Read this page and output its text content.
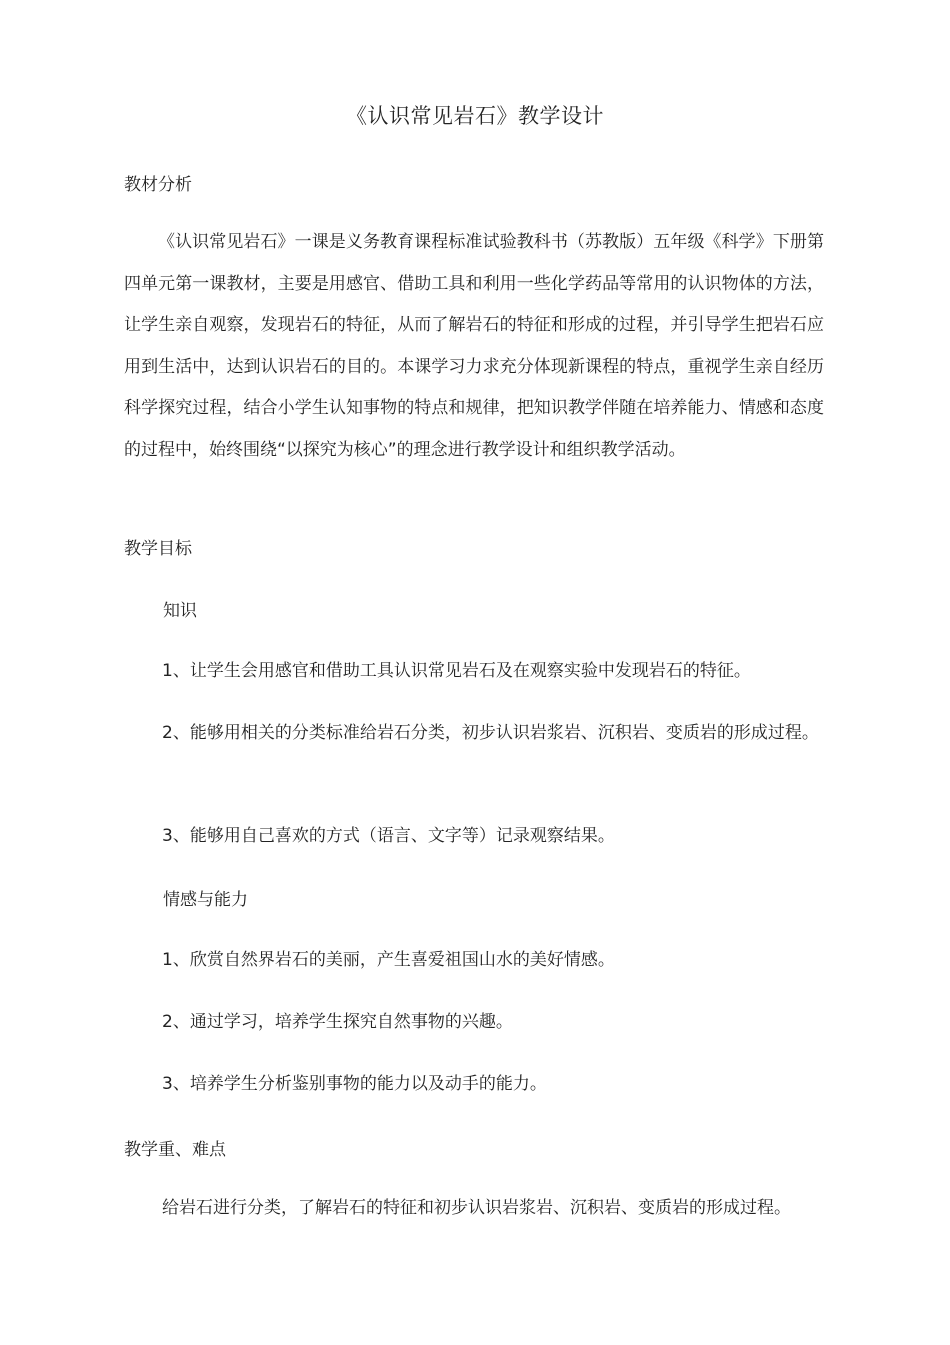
《认识常见岩石》教学设计
教材分析
《认识常见岩石》一课是义务教育课程标准试验教科书（苏教版）五年级《科学》下册第四单元第一课教材，主要是用感官、借助工具和利用一些化学药品等常用的认识物体的方法，让学生亲自观察，发现岩石的特征，从而了解岩石的特征和形成的过程，并引导学生把岩石应用到生活中，达到认识岩石的目的。本课学习力求充分体现新课程的特点，重视学生亲自经历科学探究过程，结合小学生认知事物的特点和规律，把知识教学伴随在培养能力、情感和态度的过程中，始终围绕“以探究为核心”的理念进行教学设计和组织教学活动。
教学目标
知识
1、让学生会用感官和借助工具认识常见岩石及在观察实验中发现岩石的特征。
2、能够用相关的分类标准给岩石分类，初步认识岩浆岩、沉积岩、变质岩的形成过程。
3、能够用自己喜欢的方式（语言、文字等）记录观察结果。
情感与能力
1、欣赏自然界岩石的美丽，产生喜爱祖国山水的美好情感。
2、通过学习，培养学生探究自然事物的兴趣。
3、培养学生分析鉴别事物的能力以及动手的能力。
教学重、难点
给岩石进行分类，了解岩石的特征和初步认识岩浆岩、沉积岩、变质岩的形成过程。
